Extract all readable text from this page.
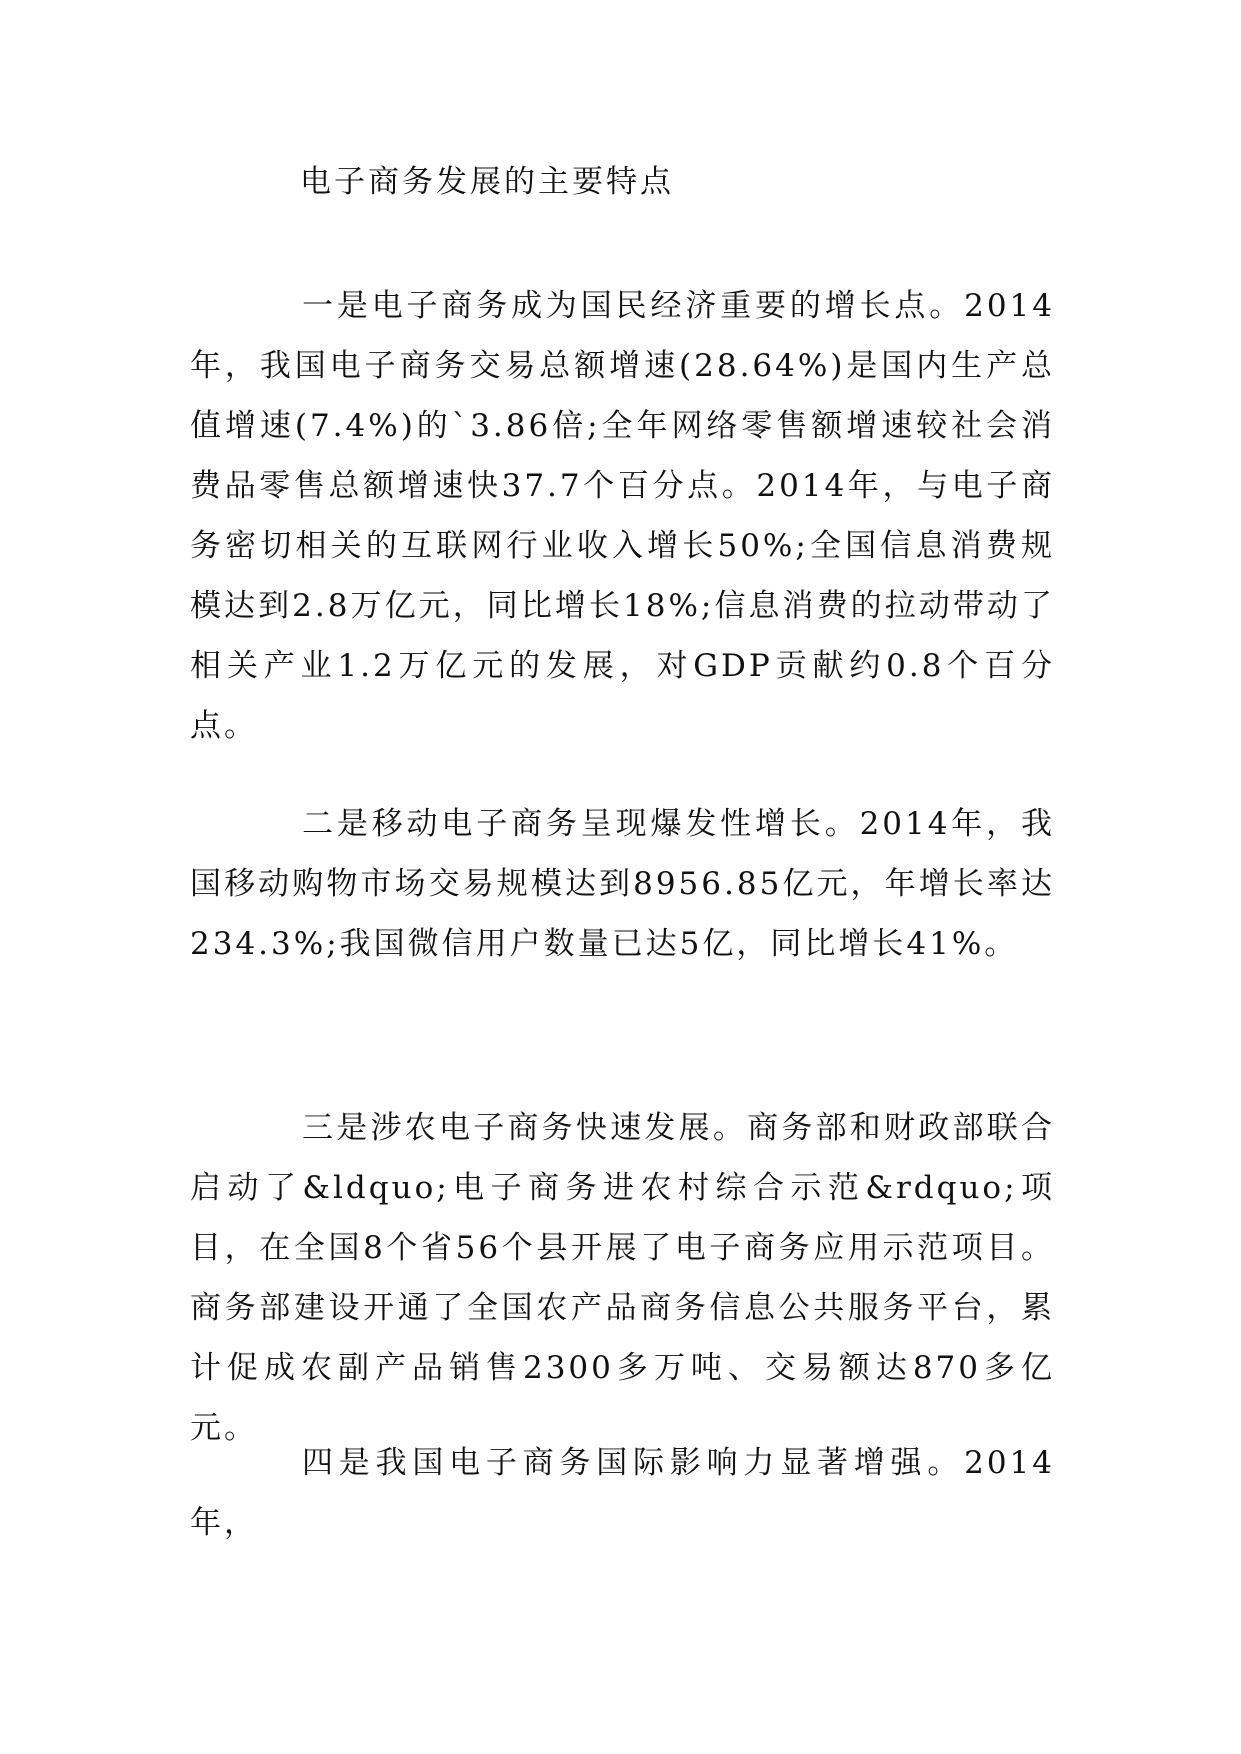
电子商务发展的主要特点

一是电子商务成为国民经济重要的增长点。2014年，我国电子商务交易总额增速(28.64%)是国内生产总值增速(7.4%)的`3.86倍;全年网络零售额增速较社会消费品零售总额增速快37.7个百分点。2014年，与电子商务密切相关的互联网行业收入增长50%;全国信息消费规模达到2.8万亿元，同比增长18%;信息消费的拉动带动了相关产业1.2万亿元的发展，对GDP贡献约0.8个百分点。

二是移动电子商务呈现爆发性增长。2014年，我国移动购物市场交易规模达到8956.85亿元，年增长率达234.3%;我国微信用户数量已达5亿，同比增长41%。

三是涉农电子商务快速发展。商务部和财政部联合启动了&ldquo;电子商务进农村综合示范&rdquo;项目，在全国8个省56个县开展了电子商务应用示范项目。商务部建设开通了全国农产品商务信息公共服务平台，累计促成农副产品销售2300多万吨、交易额达870多亿元。

四是我国电子商务国际影响力显著增强。2014年，
